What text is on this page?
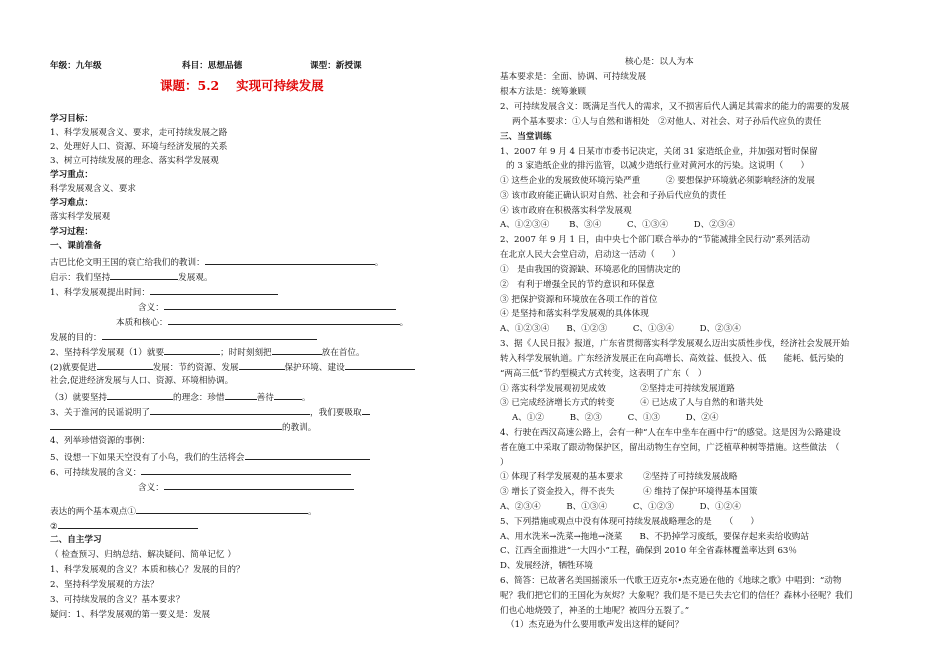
年级：九年级	科目：思想品德	课型：新授课
课题：5.2　 实现可持续发展
学习目标：
1、科学发展观含义、要求，走可持续发展之路
2、处理好人口、资源、环境与经济发展的关系
3、树立可持续发展的理念、落实科学发展观
学习重点：
科学发展观含义、要求
学习难点：
落实科学发展观
学习过程：
一、课前准备
古巴比伦文明王国的衰亡给我们的教训：	。
启示：我们坚持	发展观。
1、科学发展观提出时间：
含义：
本质和核心：	。
发展的目的：
2、坚持科学发展观（1）就要	；时时刻刻把	放在首位。
(2)就要促进	发展：节约资源、发展	保护环境、建设
社会,促进经济发展与人口、资源、环境相协调。
（3）就要坚持	的理念：珍惜	善待	。
3、关于淮河的民谣说明了	，我们要吸取
的教训。
4、列举珍惜资源的事例：
5、设想一下如果天空没有了小鸟，我们的生活将会
6、可持续发展的含义：
含义：
表达的两个基本观点①	。
②
二、自主学习
（ 检查预习、归纳总结、解决疑问、简单记忆 ）
1、科学发展观的含义？本质和核心？发展的目的？
2、坚持科学发展观的方法？
3、可持续发展的含义？基本要求？
疑问：1、科学发展观的第一要义是：发展
核心是：以人为本
基本要求是：全面、协调、可持续发展
根本方法是：统筹兼顾
2、可持续发展含义：既满足当代人的需求，又不损害后代人满足其需求的能力的需要的发展
两个基本要求：①人与自然和谐相处　②对他人、对社会、对子孙后代应负的责任
三、当堂训练
1、2007 年 9 月 4 日某市市委书记决定，关闭 31 家造纸企业，并加强对暂时保留
的 3 家造纸企业的排污监管，以减少造纸行业对黄河水的污染。这说明（　　）
① 这些企业的发展致使环境污染严重　　　② 要想保护环境就必须影响经济的发展
③ 该市政府能正确认识对自然、社会和子孙后代应负的责任
④ 该市政府在积极落实科学发展观
A、①②③④　　 B、③④　　　C、①③④　　　D、②③④
2、2007 年 9 月 1 日，由中央七个部门联合举办的“节能减排全民行动”系列活动
在北京人民大会堂启动，启动这一活动（　　）
①　是由我国的资源缺、环境恶化的国情决定的
②　有利于增强全民的节约意识和环保意
③ 把保护资源和环境放在各项工作的首位
④ 是坚持和落实科学发展观的具体体现
A、①②③④　　B、①②③　　　C、①③④　　　D、②③④
3、据《人民日报》报道，广东省贯彻落实科学发展观么迈出实质性步伐，经济社会发展开始
转入科学发展轨道。广东经济发展正在向高增长、高效益、低投入、低　　能耗、低污染的
“两高三低”节约型模式方式转变，这表明了广东（　）
① 落实科学发展观初见成效　　　　②坚持走可持续发展道路
③ 已完成经济增长方式的转变　　　④ 已达成了人与自然的和谐共处
A、①②　　　B、②③　　　C、①③　　　D、②④
4、行驶在西汉高速公路上，会有一种“人在车中坐车在画中行”的感觉。这是因为公路建设
者在施工中采取了跟动物保护区，留出动物生存空间，广泛植草种树等措施。这些做法　（
）
① 体现了科学发展观的基本要求　　 ②坚持了可持续发展战略
③ 增长了资金投入，得不丧失　　　 ④ 维持了保护环境得基本国策
A、②③④　　　B、①③④　　　C、①②③　　　D、①②④
5、下列措施或观点中没有体现可持续发展战略理念的是　　（　　）
A、用水洗米→洗菜→拖地→浇菜　　B、不扔掉学习废纸，要保存起来卖给收购站
C、江西全面推进“一大四小”工程，确保到 2010 年全省森林覆盖率达到 63％
D、发展经济，牺牲环境
6、简答：已故著名美国摇滚乐一代歌王迈克尔•杰克逊在他的《地球之歌》中唱到：“动物
呢？我们把它们的王国化为灰烬？大象呢？我们是不是已失去它们的信任？森林小径呢？我们
们也心地烧毁了，神圣的土地呢？被四分五裂了。”
（1）杰克逊为什么要用歌声发出这样的疑问？
